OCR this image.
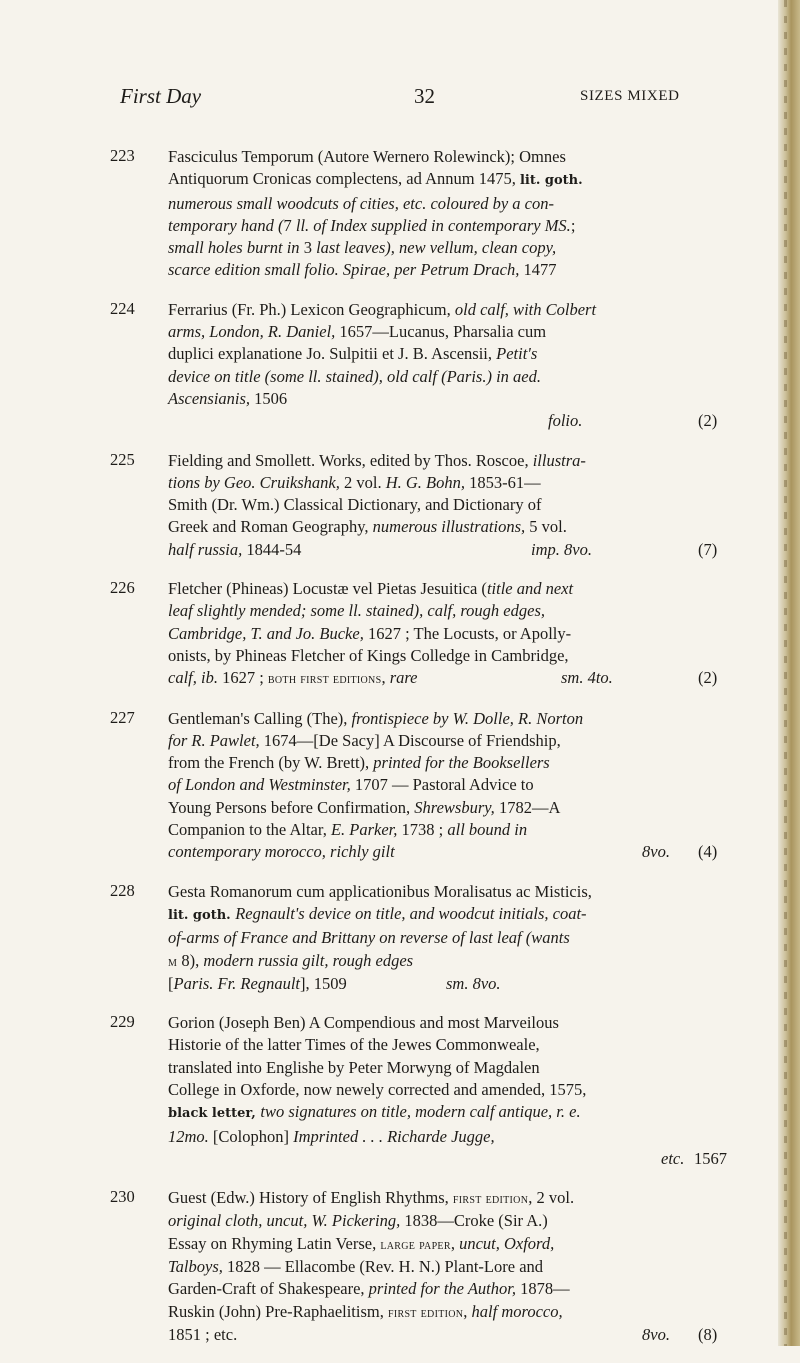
First Day	32	SIZES MIXED
223 Fasciculus Temporum (Autore Wernero Rolewinck); Omnes
Antiquorum Cronicas complectens, ad Annum 1475, lit. goth.
numerous small woodcuts of cities, etc. coloured by a con-
temporary hand (7 ll. of Index supplied in contemporary MS.;
small holes burnt in 3 last leaves), new vellum, clean copy,
scarce edition small folio. Spirae, per Petrum Drach, 1477
224 Ferrarius (Fr. Ph.) Lexicon Geographicum, old calf, with Colbert
arms, London, R. Daniel, 1657—Lucanus, Pharsalia cum
duplici explanatione Jo. Sulpitii et J. B. Ascensii, Petit's
device on title (some ll. stained), old calf (Paris.) in aed.
Ascensianis, 1506
folio.	(2)
225 Fielding and Smollett. Works, edited by Thos. Roscoe, illustra-
tions by Geo. Cruikshank, 2 vol. H. G. Bohn, 1853-61—
Smith (Dr. Wm.) Classical Dictionary, and Dictionary of
Greek and Roman Geography, numerous illustrations, 5 vol.
half russia, 1844-54	imp. 8vo.	(7)
226 Fletcher (Phineas) Locustæ vel Pietas Jesuitica (title and next
leaf slightly mended; some ll. stained), calf, rough edges,
Cambridge, T. and Jo. Bucke, 1627 ; The Locusts, or Apolly-
onists, by Phineas Fletcher of Kings Colledge in Cambridge,
calf, ib. 1627 ; both first editions, rare	sm. 4to.	(2)
227 Gentleman's Calling (The), frontispiece by W. Dolle, R. Norton
for R. Pawlet, 1674—[De Sacy] A Discourse of Friendship,
from the French (by W. Brett), printed for the Booksellers
of London and Westminster, 1707 — Pastoral Advice to
Young Persons before Confirmation, Shrewsbury, 1782—A
Companion to the Altar, E. Parker, 1738 ; all bound in
contemporary morocco, richly gilt	8vo. (4)
228 Gesta Romanorum cum applicationibus Moralisatus ac Misticis,
lit. goth. Regnault's device on title, and woodcut initials, coat-
of-arms of France and Brittany on reverse of last leaf (wants
m 8), modern russia gilt, rough edges
sm. 8vo.
[Paris. Fr. Regnault], 1509
229 Gorion (Joseph Ben) A Compendious and most Marveilous
Historie of the latter Times of the Jewes Commonweale,
translated into Englishe by Peter Morwyng of Magdalen
College in Oxforde, now newely corrected and amended, 1575,
black letter, two signatures on title, modern calf antique, r. e.
12mo. [Colophon] Imprinted . . . Richarde Jugge,
etc. 1567
230 Guest (Edw.) History of English Rhythms, first edition, 2 vol.
original cloth, uncut, W. Pickering, 1838—Croke (Sir A.)
Essay on Rhyming Latin Verse, large paper, uncut, Oxford,
Talboys, 1828 — Ellacombe (Rev. H. N.) Plant-Lore and
Garden-Craft of Shakespeare, printed for the Author, 1878—
Ruskin (John) Pre-Raphaelitism, first edition, half morocco,
1851 ; etc.	8vo. (8)
